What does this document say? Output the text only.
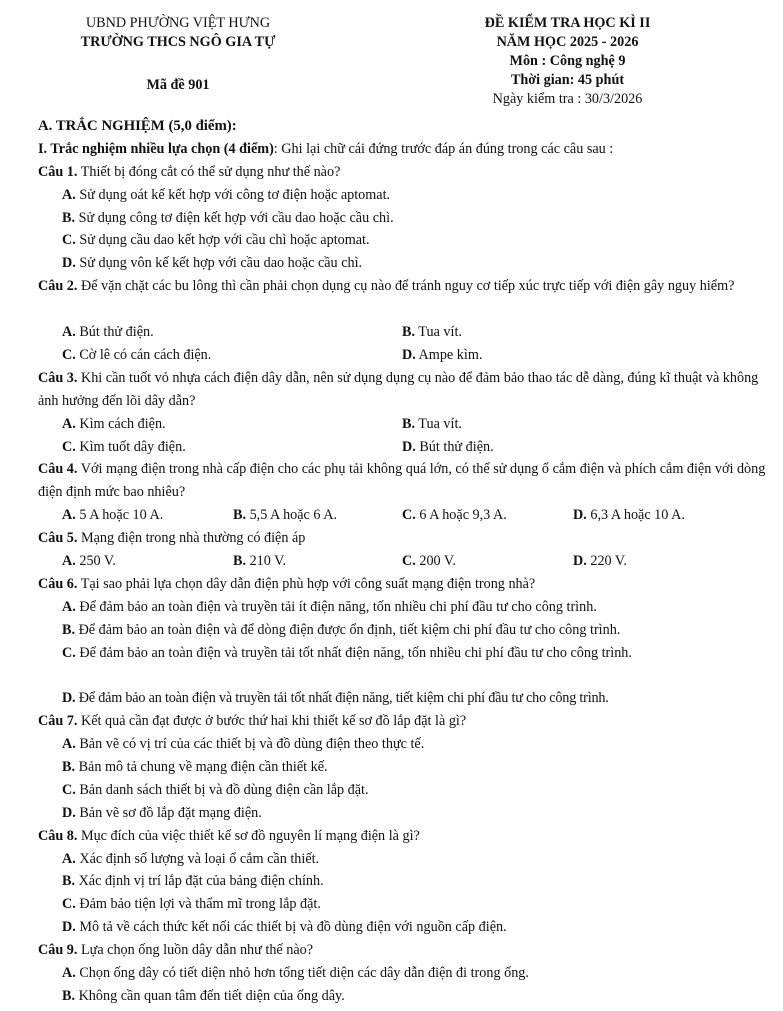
UBND PHƯỜNG VIỆT HƯNG
TRƯỜNG THCS NGÔ GIA TỰ
Mã đề 901
ĐỀ KIỂM TRA HỌC KÌ II
NĂM HỌC 2025 - 2026
Môn : Công nghệ 9
Thời gian: 45 phút
Ngày kiểm tra : 30/3/2026
A. TRẮC NGHIỆM (5,0 điểm):
I. Trắc nghiệm nhiều lựa chọn (4 điểm): Ghi lại chữ cái đứng trước đáp án đúng trong các câu sau :
Câu 1. Thiết bị đóng cắt có thể sử dụng như thế nào?
A. Sử dụng oát kế kết hợp với công tơ điện hoặc aptomat.
B. Sử dụng công tơ điện kết hợp với cầu dao hoặc cầu chì.
C. Sử dụng cầu dao kết hợp với cầu chì hoặc aptomat.
D. Sử dụng vôn kế kết hợp với cầu dao hoặc cầu chì.
Câu 2. Để vặn chặt các bu lông thì cần phải chọn dụng cụ nào để tránh nguy cơ tiếp xúc trực tiếp với điện gây nguy hiểm?
A. Bút thử điện.	B. Tua vít.
C. Cờ lê có cán cách điện.	D. Ampe kìm.
Câu 3. Khi cần tuốt vỏ nhựa cách điện dây dẫn, nên sử dụng dụng cụ nào để đảm bảo thao tác dễ dàng, đúng kĩ thuật và không ảnh hưởng đến lõi dây dẫn?
A. Kìm cách điện.	B. Tua vít.
C. Kìm tuốt dây điện.	D. Bút thử điện.
Câu 4. Với mạng điện trong nhà cấp điện cho các phụ tải không quá lớn, có thể sử dụng ổ cắm điện và phích cắm điện với dòng điện định mức bao nhiêu?
A. 5 A hoặc 10 A.	B. 5,5 A hoặc 6 A.	C. 6 A hoặc 9,3 A.	D. 6,3 A hoặc 10 A.
Câu 5. Mạng điện trong nhà thường có điện áp
A. 250 V.	B. 210 V.	C. 200 V.	D. 220 V.
Câu 6. Tại sao phải lựa chọn dây dẫn điện phù hợp với công suất mạng điện trong nhà?
A. Để đảm bảo an toàn điện và truyền tải ít điện năng, tốn nhiều chi phí đầu tư cho công trình.
B. Để đảm bảo an toàn điện và để dòng điện được ổn định, tiết kiệm chi phí đầu tư cho công trình.
C. Để đảm bảo an toàn điện và truyền tải tốt nhất điện năng, tốn nhiều chi phí đầu tư cho công trình.
D. Để đảm bảo an toàn điện và truyền tải tốt nhất điện năng, tiết kiệm chi phí đầu tư cho công trình.
Câu 7. Kết quả cần đạt được ở bước thứ hai khi thiết kế sơ đồ lắp đặt là gì?
A. Bản vẽ có vị trí của các thiết bị và đồ dùng điện theo thực tế.
B. Bản mô tả chung về mạng điện cần thiết kế.
C. Bản danh sách thiết bị và đồ dùng điện cần lắp đặt.
D. Bản vẽ sơ đồ lắp đặt mạng điện.
Câu 8. Mục đích của việc thiết kế sơ đồ nguyên lí mạng điện là gì?
A. Xác định số lượng và loại ổ cắm cần thiết.
B. Xác định vị trí lắp đặt của bảng điện chính.
C. Đảm bảo tiện lợi và thẩm mĩ trong lắp đặt.
D. Mô tả về cách thức kết nối các thiết bị và đồ dùng điện với nguồn cấp điện.
Câu 9. Lựa chọn ống luồn dây dẫn như thế nào?
A. Chọn ống dây có tiết diện nhỏ hơn tổng tiết diện các dây dẫn điện đi trong ống.
B. Không cần quan tâm đến tiết diện của ống dây.
